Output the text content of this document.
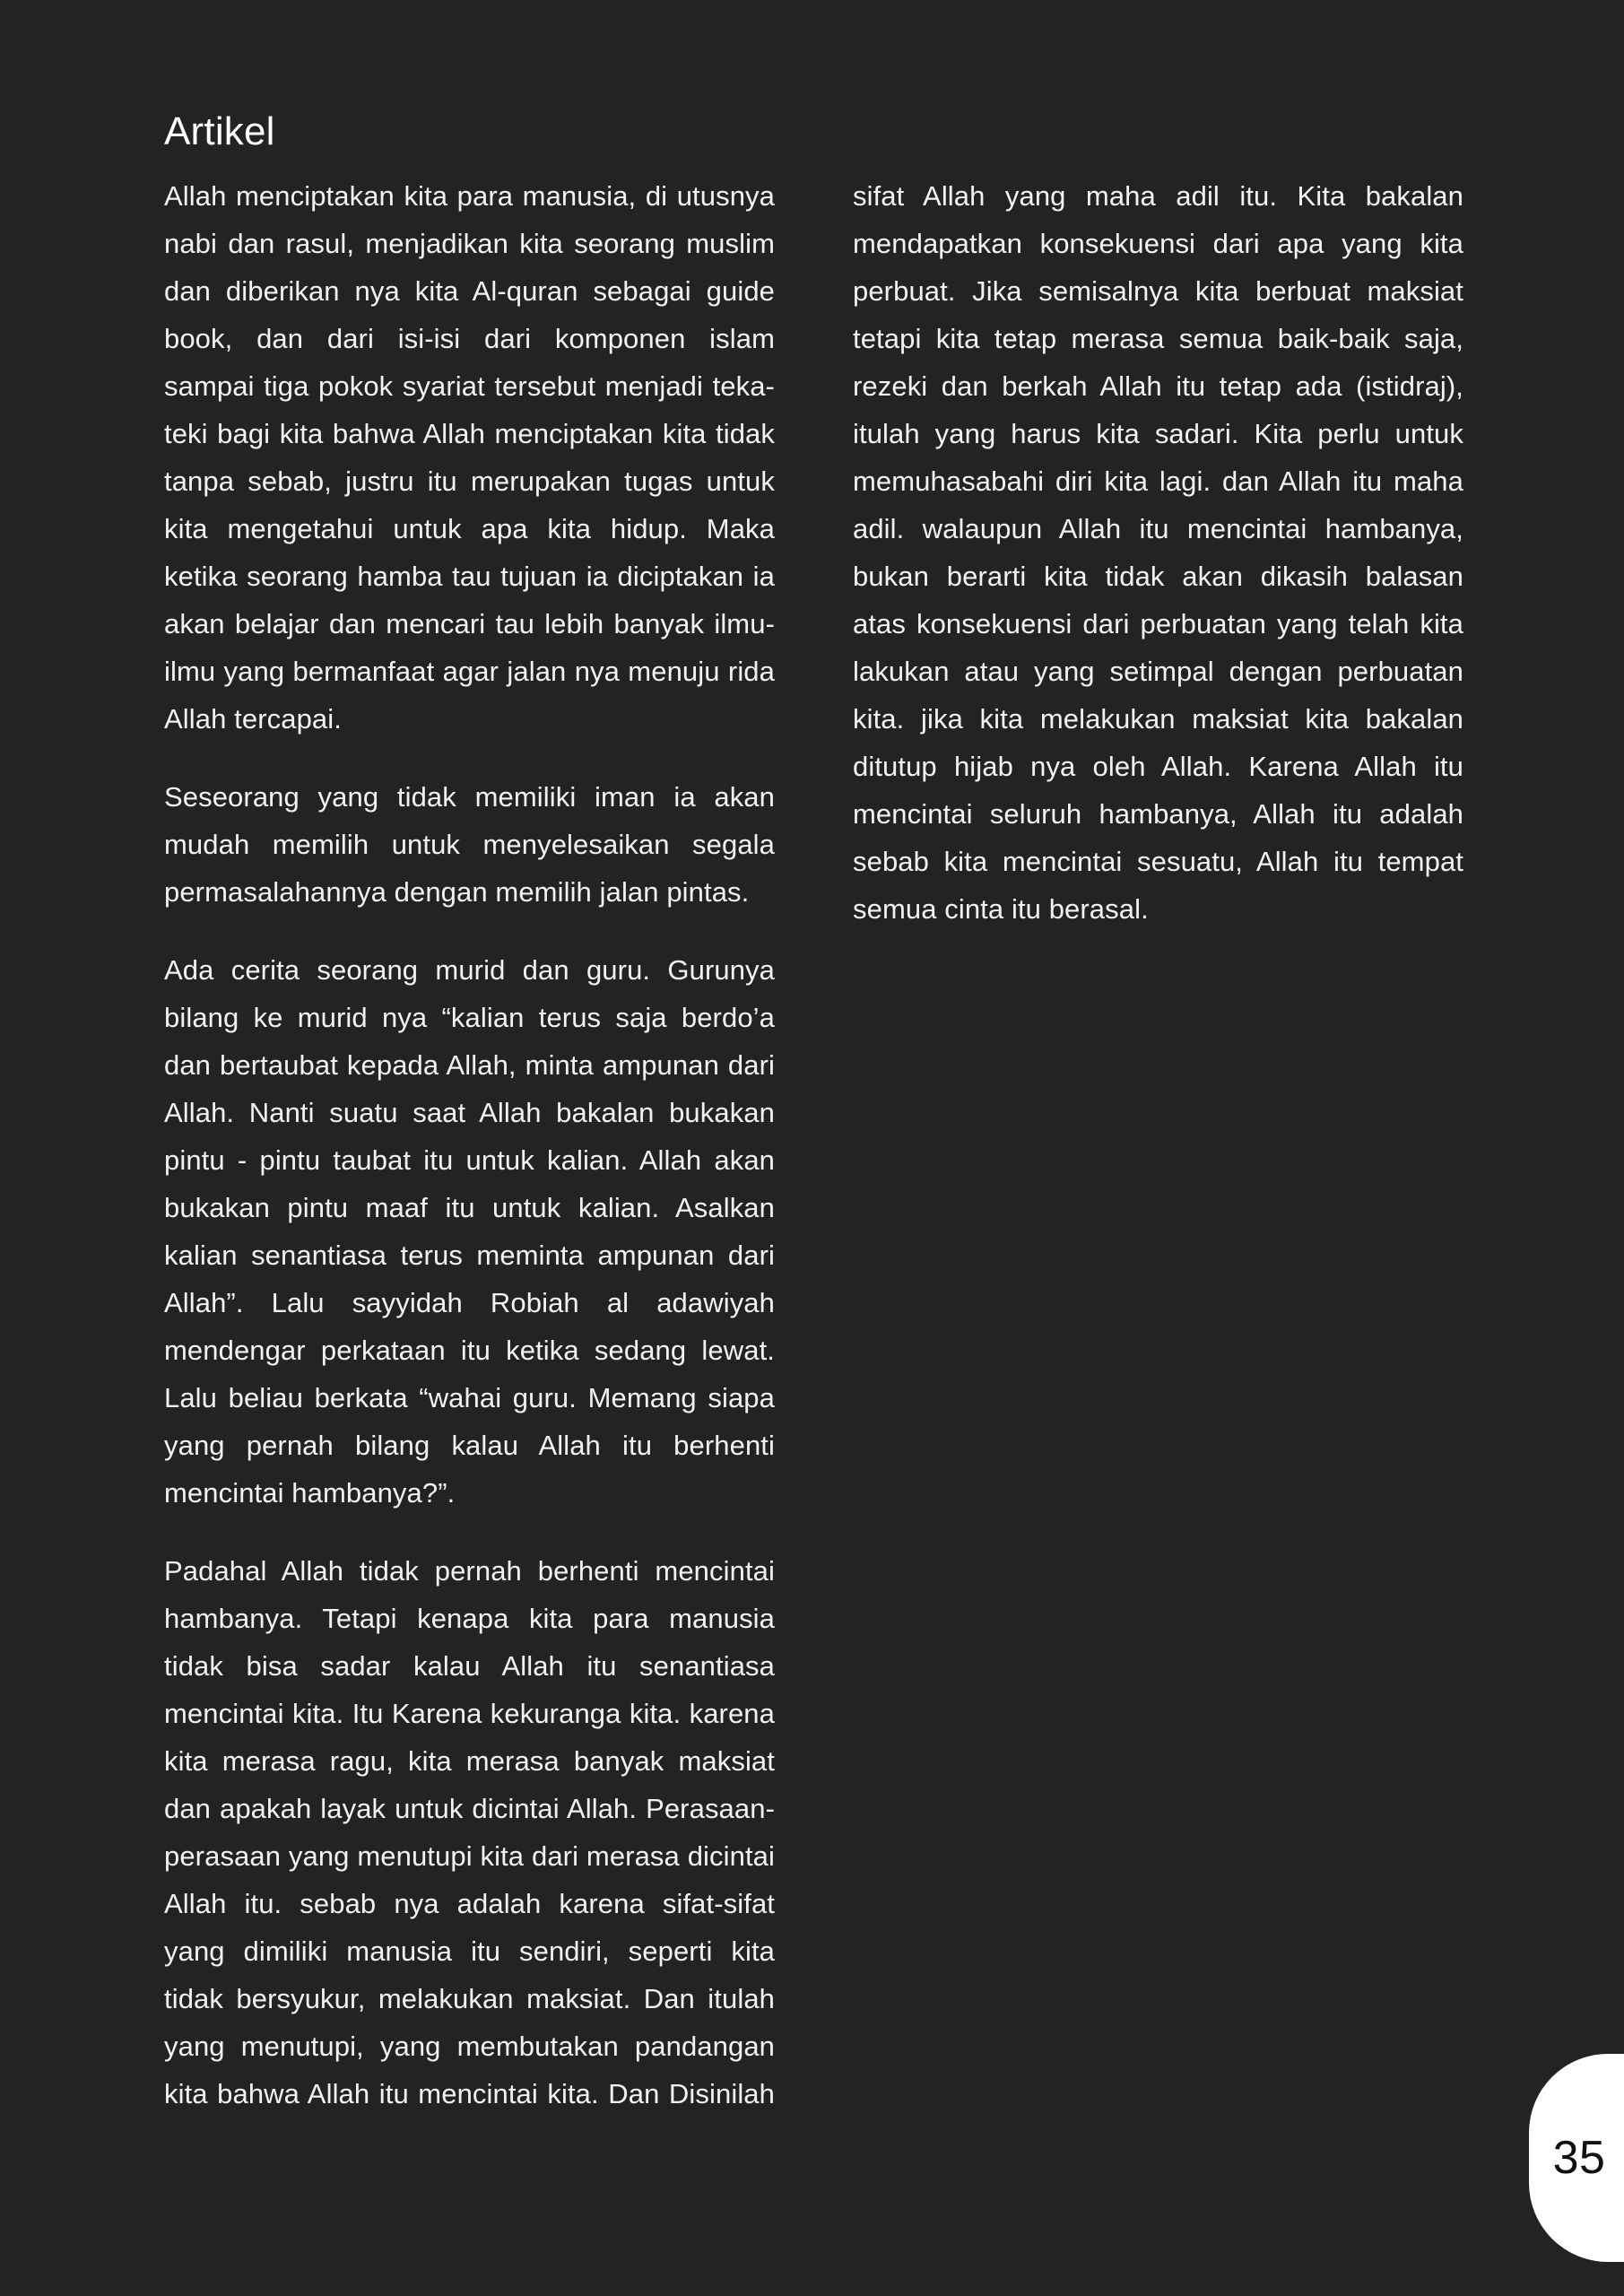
Artikel

Allah menciptakan kita para manusia, di utusnya nabi dan rasul, menjadikan kita seorang muslim dan diberikan nya kita Al-quran sebagai guide book, dan dari isi-isi dari komponen islam sampai tiga pokok syariat tersebut menjadi teka-teki bagi kita bahwa Allah menciptakan kita tidak tanpa sebab, justru itu merupakan tugas untuk kita mengetahui untuk apa kita hidup. Maka ketika seorang hamba tau tujuan ia diciptakan ia akan belajar dan mencari tau lebih banyak ilmu-ilmu yang bermanfaat agar jalan nya menuju rida Allah tercapai.

Seseorang yang tidak memiliki iman ia akan mudah memilih untuk menyelesaikan segala permasalahannya dengan memilih jalan pintas.

Ada cerita seorang murid dan guru. Gurunya bilang ke murid nya “kalian terus saja berdo’a dan bertaubat kepada Allah, minta ampunan dari Allah. Nanti suatu saat Allah bakalan bukakan pintu - pintu taubat itu untuk kalian. Allah akan bukakan pintu maaf itu untuk kalian. Asalkan kalian senantiasa terus meminta ampunan dari Allah”. Lalu sayyidah Robiah al adawiyah mendengar perkataan itu ketika sedang lewat. Lalu beliau berkata “wahai guru. Memang siapa yang pernah bilang kalau Allah itu berhenti mencintai hambanya?”.

Padahal Allah tidak pernah berhenti mencintai hambanya. Tetapi kenapa kita para manusia tidak bisa sadar kalau Allah itu senantiasa mencintai kita. Itu Karena kekuranga kita. karena kita merasa ragu, kita merasa banyak maksiat dan apakah layak untuk dicintai Allah. Perasaan-perasaan yang menutupi kita dari merasa dicintai Allah itu. sebab nya adalah karena sifat-sifat yang dimiliki manusia itu sendiri, seperti kita tidak bersyukur, melakukan maksiat. Dan itulah yang menutupi, yang membutakan pandangan kita bahwa Allah itu mencintai kita. Dan Disinilah sifat Allah yang maha adil itu. Kita bakalan mendapatkan konsekuensi dari apa yang kita perbuat. Jika semisalnya kita berbuat maksiat tetapi kita tetap merasa semua baik-baik saja, rezeki dan berkah Allah itu tetap ada (istidraj), itulah yang harus kita sadari. Kita perlu untuk memuhasabahi diri kita lagi. dan Allah itu maha adil. walaupun Allah itu mencintai hambanya, bukan berarti kita tidak akan dikasih balasan atas konsekuensi dari perbuatan yang telah kita lakukan atau yang setimpal dengan perbuatan kita. jika kita melakukan maksiat kita bakalan ditutup hijab nya oleh Allah. Karena Allah itu mencintai seluruh hambanya, Allah itu adalah sebab kita mencintai sesuatu, Allah itu tempat semua cinta itu berasal.

35
